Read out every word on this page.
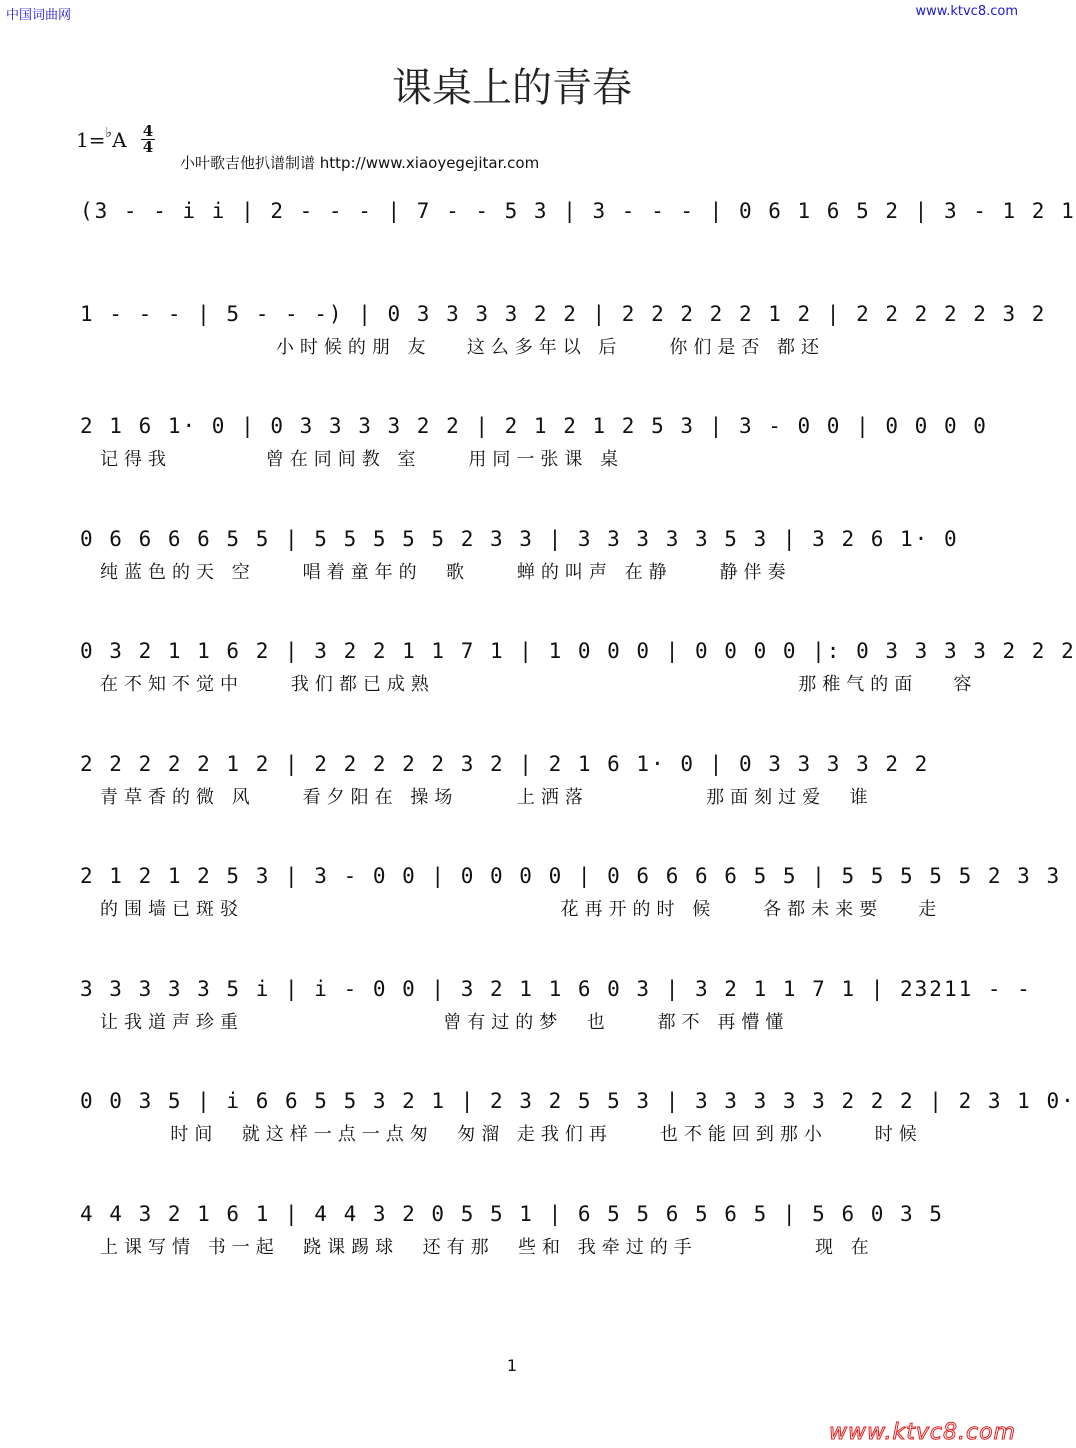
中国词曲网	www.ktvc8.com
课桌上的青春
1=♭A 4
4
小叶歌吉他扒谱制谱 http://www.xiaoyegejitar.com
(3 - - i i | 2 - - - | 7 - - 5 3 | 3 - - - | 0 6 1 6 5 2 | 3 - 1 2 1
1 - - - | 5 - - -) | 0 3 3 3 3 2 2 | 2 2 2 2 2 1 2 | 2 2 2 2 2 3 2
小时候的朋 友   这么多年以 后    你们是否 都还
2 1 6 1· 0 | 0 3 3 3 3 2 2 | 2 1 2 1 2 5 3 | 3 - 0 0 | 0 0 0 0
记得我        曾在同间教 室    用同一张课 桌
0 6 6 6 6 5 5 | 5 5 5 5 5 2 3 3 | 3 3 3 3 3 5 3 | 3 2 6 1· 0
纯蓝色的天 空    唱着童年的  歌    蝉的叫声 在静    静伴奏
0 3 2 1 1 6 2 | 3 2 2 1 1 7 1 | 1 0 0 0 | 0 0 0 0 |: 0 3 3 3 3 2 2 2
在不知不觉中    我们都已成熟                               那稚气的面   容
2 2 2 2 2 1 2 | 2 2 2 2 2 3 2 | 2 1 6 1· 0 | 0 3 3 3 3 2 2
青草香的微 风    看夕阳在 操场     上洒落          那面刻过爱  谁
2 1 2 1 2 5 3 | 3 - 0 0 | 0 0 0 0 | 0 6 6 6 6 5 5 | 5 5 5 5 5 2 3 3
的围墙已斑驳                           花再开的时 候    各都未来要   走
3 3 3 3 3 5 i | i - 0 0 | 3 2 1 1 6 0 3 | 3 2 1 1 7 1 | 23211 - -
让我道声珍重                 曾有过的梦  也    都不 再懵懂
0 0 3 5 | i 6 6 5 5 3 2 1 | 2 3 2 5 5 3 | 3 3 3 3 3 2 2 2 | 2 3 1 0·
时间  就这样一点一点匆  匆溜 走我们再    也不能回到那小    时候
4 4 3 2 1 6 1 | 4 4 3 2 0 5 5 1 | 6 5 5 6 5 6 5 | 5 6 0 3 5
上课写情 书一起  跷课踢球  还有那  些和 我牵过的手          现 在
1
www.ktvc8.com
